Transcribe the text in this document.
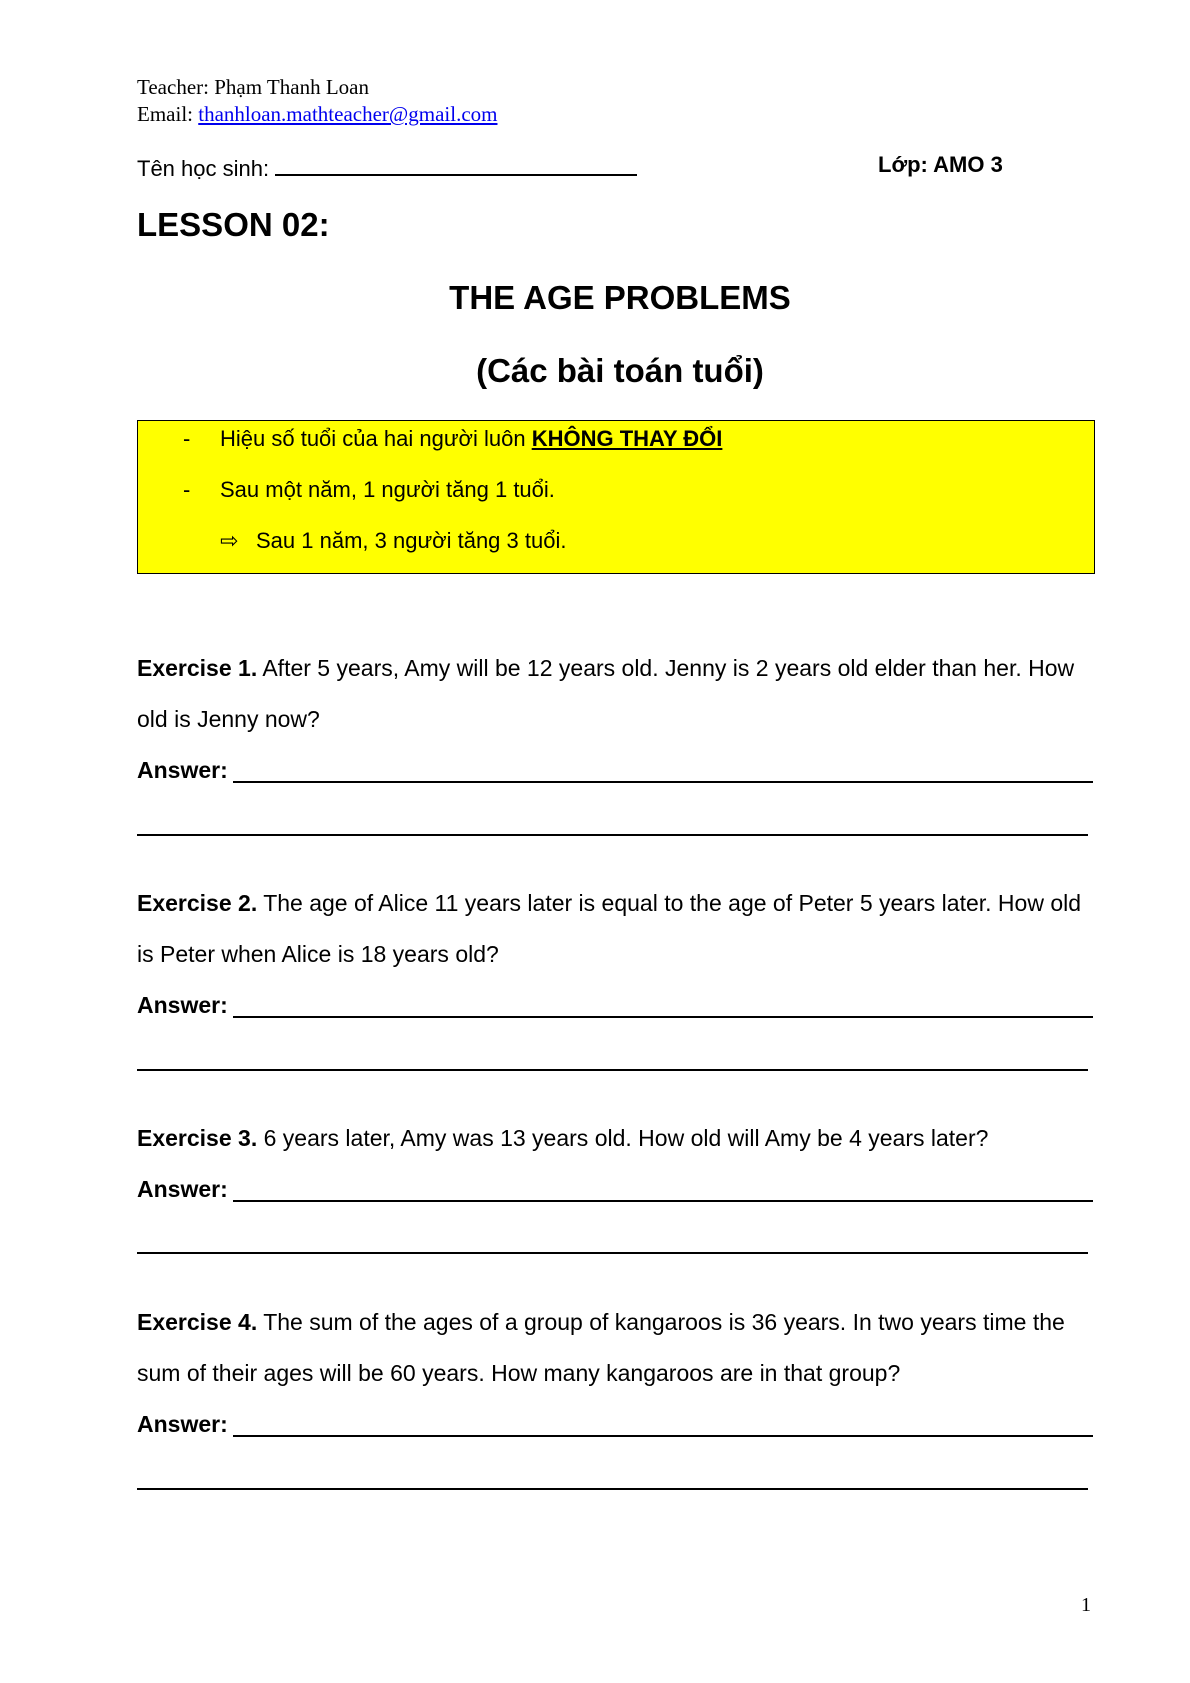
Teacher: Phạm Thanh Loan
Email: thanhloan.mathteacher@gmail.com
Tên học sinh:	Lớp: AMO 3
LESSON 02:
THE AGE PROBLEMS
(Các bài toán tuổi)
- Hiệu số tuổi của hai người luôn KHÔNG THAY ĐỔI
- Sau một năm, 1 người tăng 1 tuổi.
⇨ Sau 1 năm, 3 người tăng 3 tuổi.
Exercise 1. After 5 years, Amy will be 12 years old. Jenny is 2 years old elder than her. How old is Jenny now?
Answer:
Exercise 2. The age of Alice 11 years later is equal to the age of Peter 5 years later. How old is Peter when Alice is 18 years old?
Answer:
Exercise 3. 6 years later, Amy was 13 years old. How old will Amy be 4 years later?
Answer:
Exercise 4. The sum of the ages of a group of kangaroos is 36 years. In two years time the sum of their ages will be 60 years. How many kangaroos are in that group?
Answer:
1
